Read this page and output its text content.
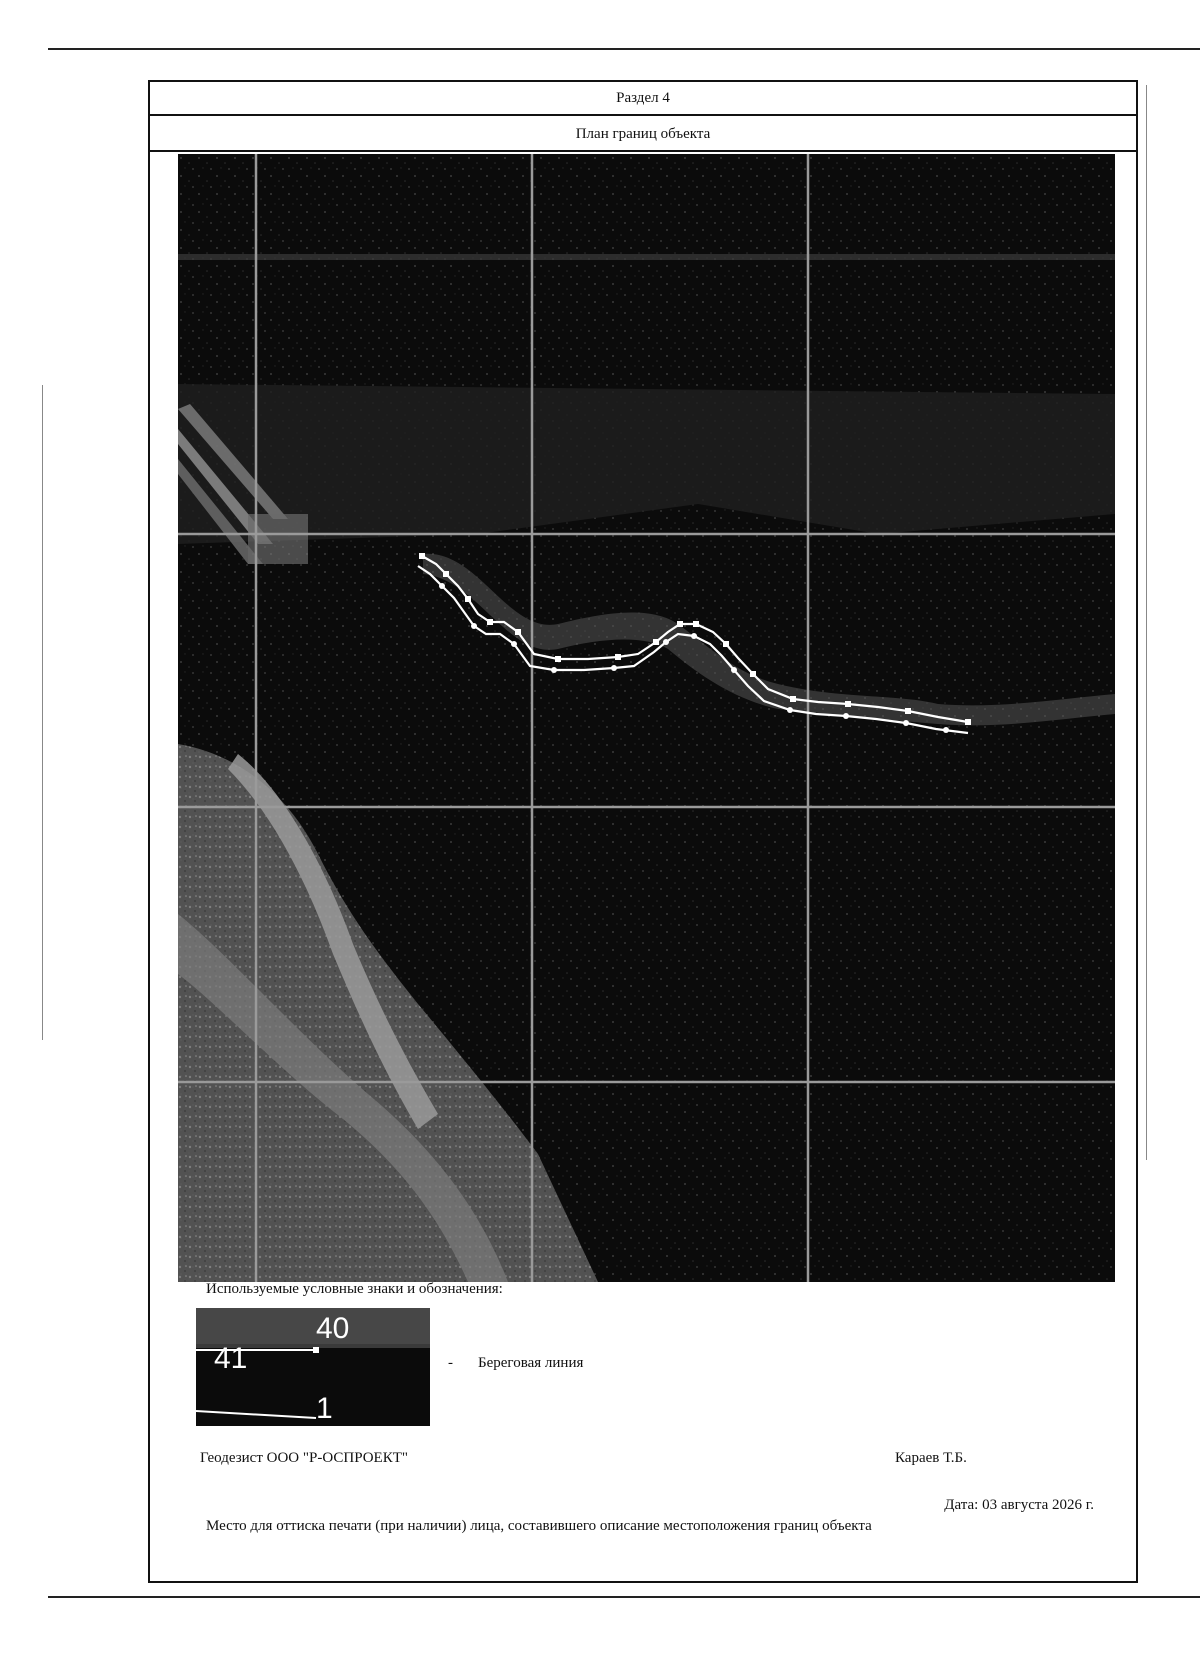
Раздел 4
План границ объекта
Используемые условные знаки и обозначения:
40
41
1
- Береговая линия
Геодезист ООО "Р-ОСПРОЕКТ"	Караев Т.Б.
Дата: 03 августа 2026 г.
Место для оттиска печати (при наличии) лица, составившего описание местоположения границ объекта
